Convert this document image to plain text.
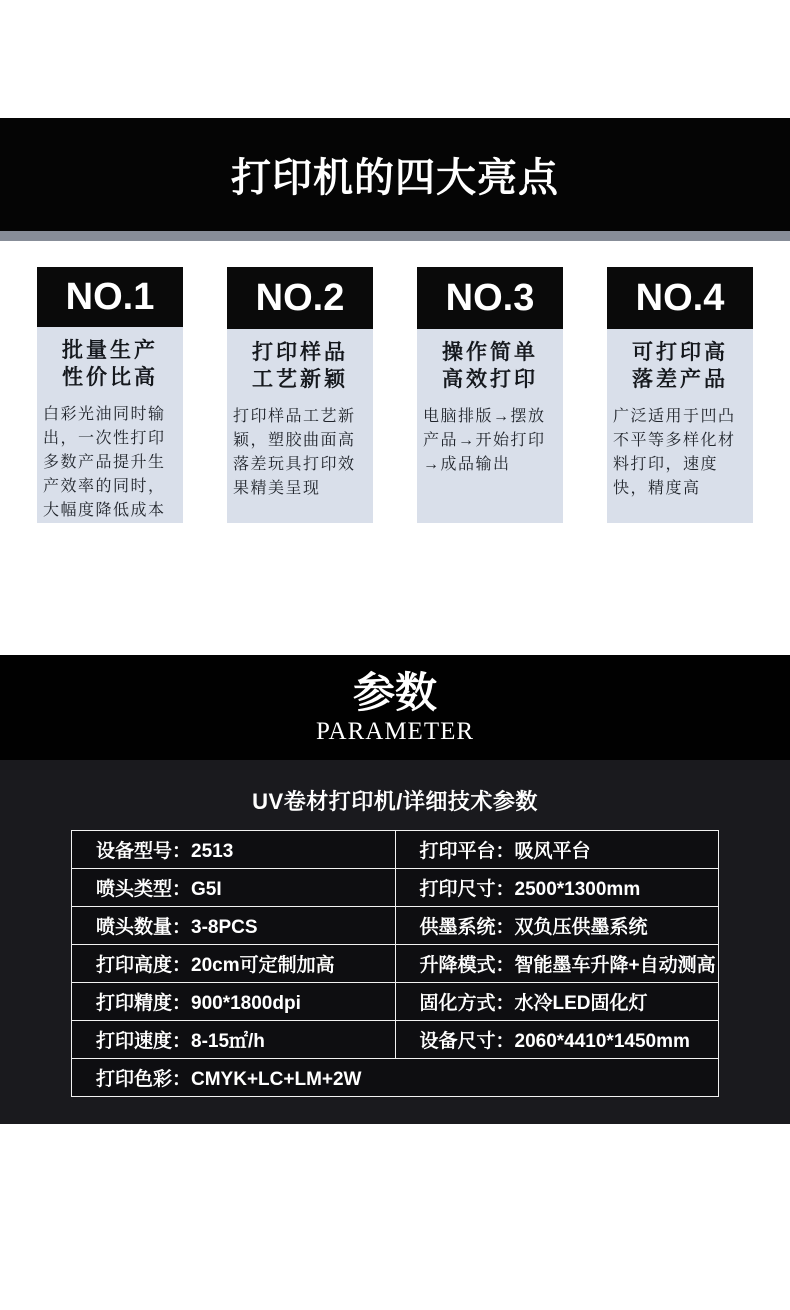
打印机的四大亮点
NO.1
批量生产
性价比高

白彩光油同时输出，一次性打印多数产品提升生产效率的同时，大幅度降低成本

NO.2
打印样品
工艺新颖

打印样品工艺新颖，塑胶曲面高落差玩具打印效果精美呈现

NO.3
操作简单
高效打印

电脑排版→摆放产品→开始打印→成品输出

NO.4
可打印高
落差产品

广泛适用于凹凸不平等多样化材料打印，速度快，精度高

参数
PARAMETER
UV卷材打印机/详细技术参数
设备型号：2513	打印平台：吸风平台
喷头类型：G5I	打印尺寸：2500*1300mm
喷头数量：3-8PCS	供墨系统：双负压供墨系统
打印高度：20cm可定制加高	升降模式：智能墨车升降+自动测高
打印精度：900*1800dpi	固化方式：水冷LED固化灯
打印速度：8-15㎡/h	设备尺寸：2060*4410*1450mm
打印色彩：CMYK+LC+LM+2W	
